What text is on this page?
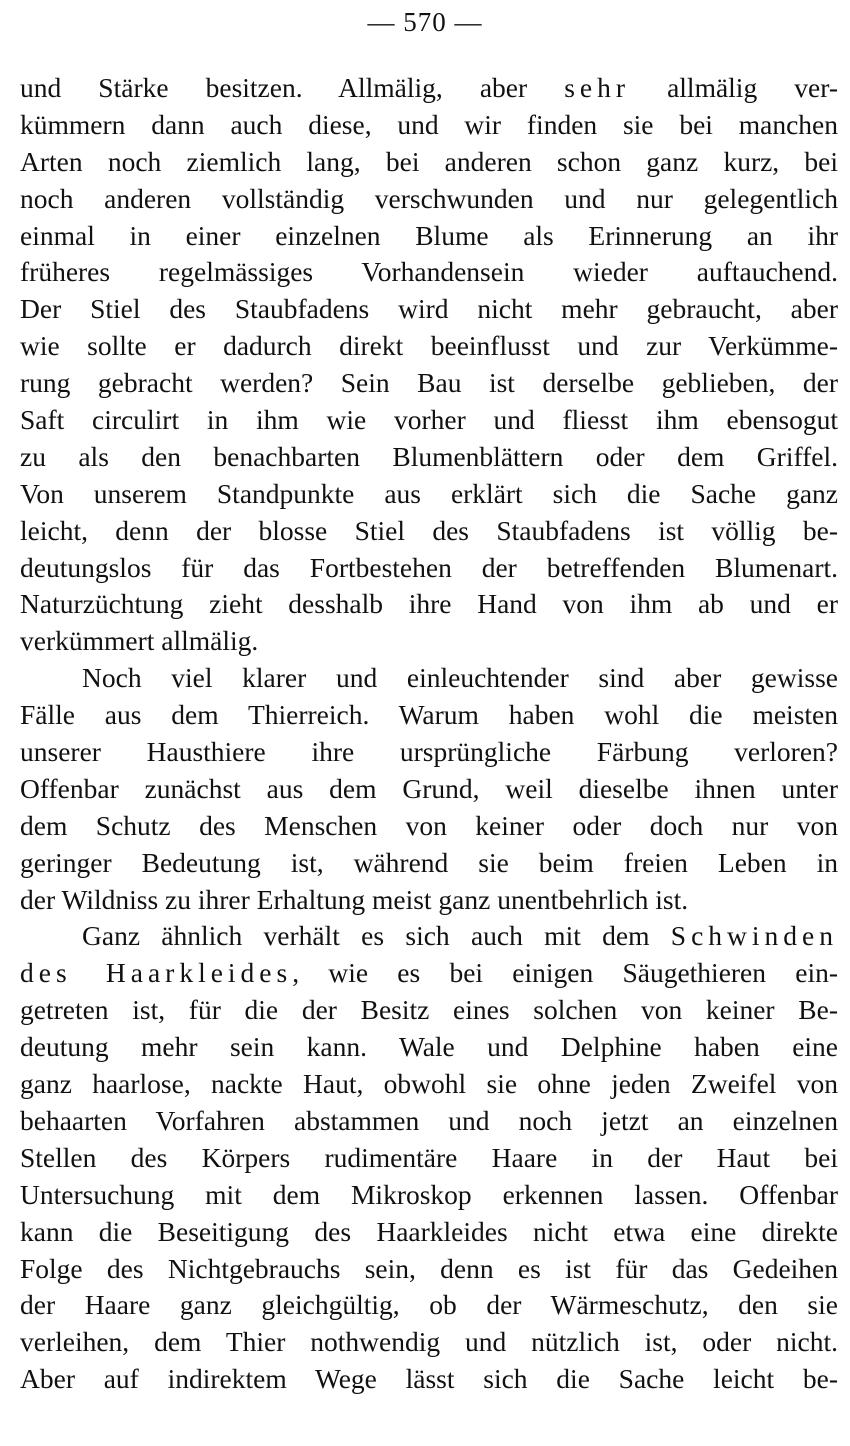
— 570 —
und Stärke besitzen. Allmälig, aber sehr allmälig ver-
kümmern dann auch diese, und wir finden sie bei manchen
Arten noch ziemlich lang, bei anderen schon ganz kurz, bei
noch anderen vollständig verschwunden und nur gelegentlich
einmal in einer einzelnen Blume als Erinnerung an ihr
früheres regelmässiges Vorhandensein wieder auftauchend.
Der Stiel des Staubfadens wird nicht mehr gebraucht, aber
wie sollte er dadurch direkt beeinflusst und zur Verkümme-
rung gebracht werden? Sein Bau ist derselbe geblieben, der
Saft circulirt in ihm wie vorher und fliesst ihm ebensogut
zu als den benachbarten Blumenblättern oder dem Griffel.
Von unserem Standpunkte aus erklärt sich die Sache ganz
leicht, denn der blosse Stiel des Staubfadens ist völlig be-
deutungslos für das Fortbestehen der betreffenden Blumenart.
Naturzüchtung zieht desshalb ihre Hand von ihm ab und er
verkümmert allmälig.
Noch viel klarer und einleuchtender sind aber gewisse
Fälle aus dem Thierreich. Warum haben wohl die meisten
unserer Hausthiere ihre ursprüngliche Färbung verloren?
Offenbar zunächst aus dem Grund, weil dieselbe ihnen unter
dem Schutz des Menschen von keiner oder doch nur von
geringer Bedeutung ist, während sie beim freien Leben in
der Wildniss zu ihrer Erhaltung meist ganz unentbehrlich ist.
Ganz ähnlich verhält es sich auch mit dem Schwinden
des Haarkleides, wie es bei einigen Säugethieren ein-
getreten ist, für die der Besitz eines solchen von keiner Be-
deutung mehr sein kann. Wale und Delphine haben eine
ganz haarlose, nackte Haut, obwohl sie ohne jeden Zweifel von
behaarten Vorfahren abstammen und noch jetzt an einzelnen
Stellen des Körpers rudimentäre Haare in der Haut bei
Untersuchung mit dem Mikroskop erkennen lassen. Offenbar
kann die Beseitigung des Haarkleides nicht etwa eine direkte
Folge des Nichtgebrauchs sein, denn es ist für das Gedeihen
der Haare ganz gleichgültig, ob der Wärmeschutz, den sie
verleihen, dem Thier nothwendig und nützlich ist, oder nicht.
Aber auf indirektem Wege lässt sich die Sache leicht be-
